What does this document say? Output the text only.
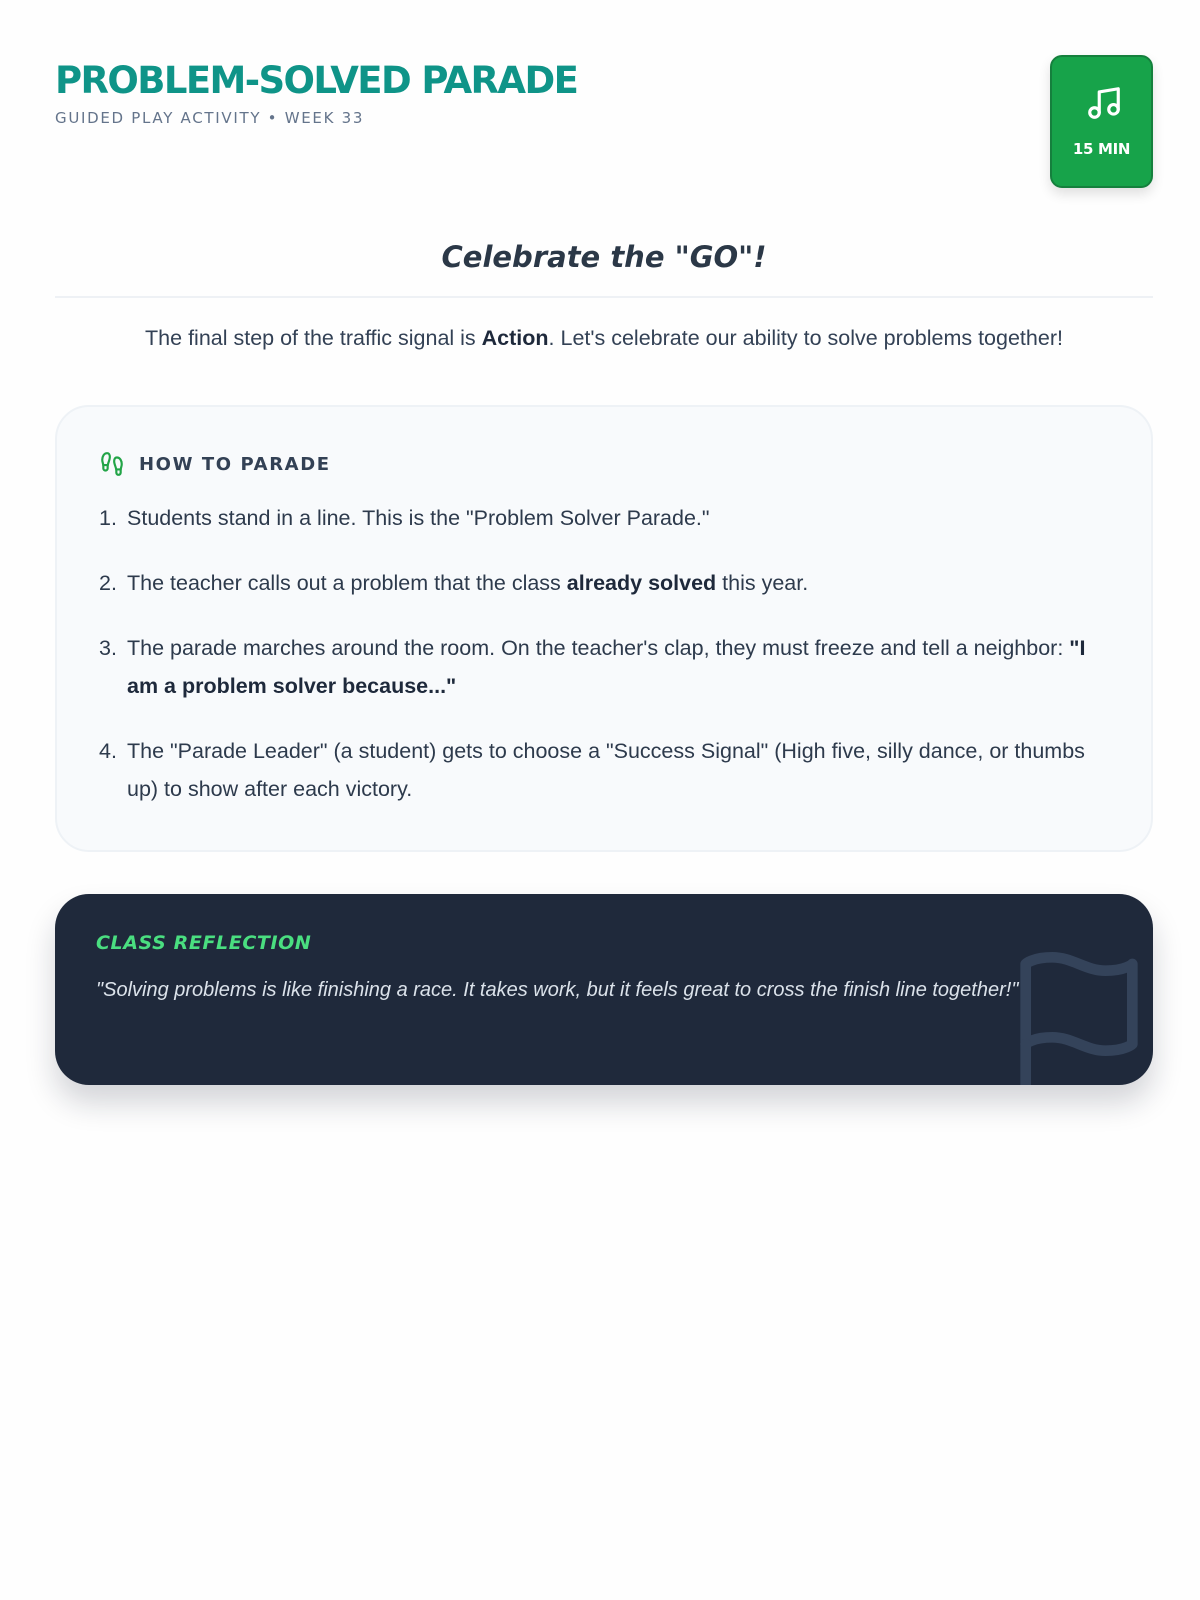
PROBLEM-SOLVED PARADE
GUIDED PLAY ACTIVITY • WEEK 33
15 MIN
Celebrate the "GO"!
The final step of the traffic signal is Action. Let's celebrate our ability to solve problems together!
HOW TO PARADE
1. Students stand in a line. This is the "Problem Solver Parade."
2. The teacher calls out a problem that the class already solved this year.
3. The parade marches around the room. On the teacher's clap, they must freeze and tell a neighbor: "I am a problem solver because..."
4. The "Parade Leader" (a student) gets to choose a "Success Signal" (High five, silly dance, or thumbs up) to show after each victory.
CLASS REFLECTION
"Solving problems is like finishing a race. It takes work, but it feels great to cross the finish line together!"
